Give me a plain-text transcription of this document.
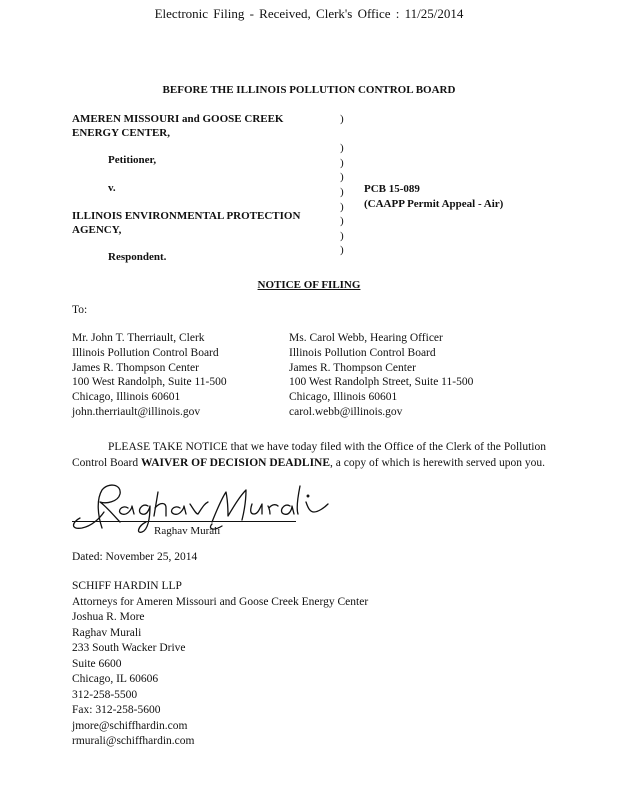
Electronic Filing - Received, Clerk's Office : 11/25/2014
BEFORE THE ILLINOIS POLLUTION CONTROL BOARD
AMEREN MISSOURI and GOOSE CREEK
ENERGY CENTER,
Petitioner,
v.
ILLINOIS ENVIRONMENTAL PROTECTION
AGENCY,
Respondent.
)

)
)
)
)
)
)
)
)
PCB 15-089
(CAAPP Permit Appeal - Air)
NOTICE OF FILING
To:
Mr. John T. Therriault, Clerk
Illinois Pollution Control Board
James R. Thompson Center
100 West Randolph, Suite 11-500
Chicago, Illinois 60601
john.therriault@illinois.gov
Ms. Carol Webb, Hearing Officer
Illinois Pollution Control Board
James R. Thompson Center
100 West Randolph Street, Suite 11-500
Chicago, Illinois 60601
carol.webb@illinois.gov
PLEASE TAKE NOTICE that we have today filed with the Office of the Clerk of the Pollution Control Board WAIVER OF DECISION DEADLINE, a copy of which is herewith served upon you.
Raghav Murali
Dated: November 25, 2014
SCHIFF HARDIN LLP
Attorneys for Ameren Missouri and Goose Creek Energy Center
Joshua R. More
Raghav Murali
233 South Wacker Drive
Suite 6600
Chicago, IL 60606
312-258-5500
Fax: 312-258-5600
jmore@schiffhardin.com
rmurali@schiffhardin.com
